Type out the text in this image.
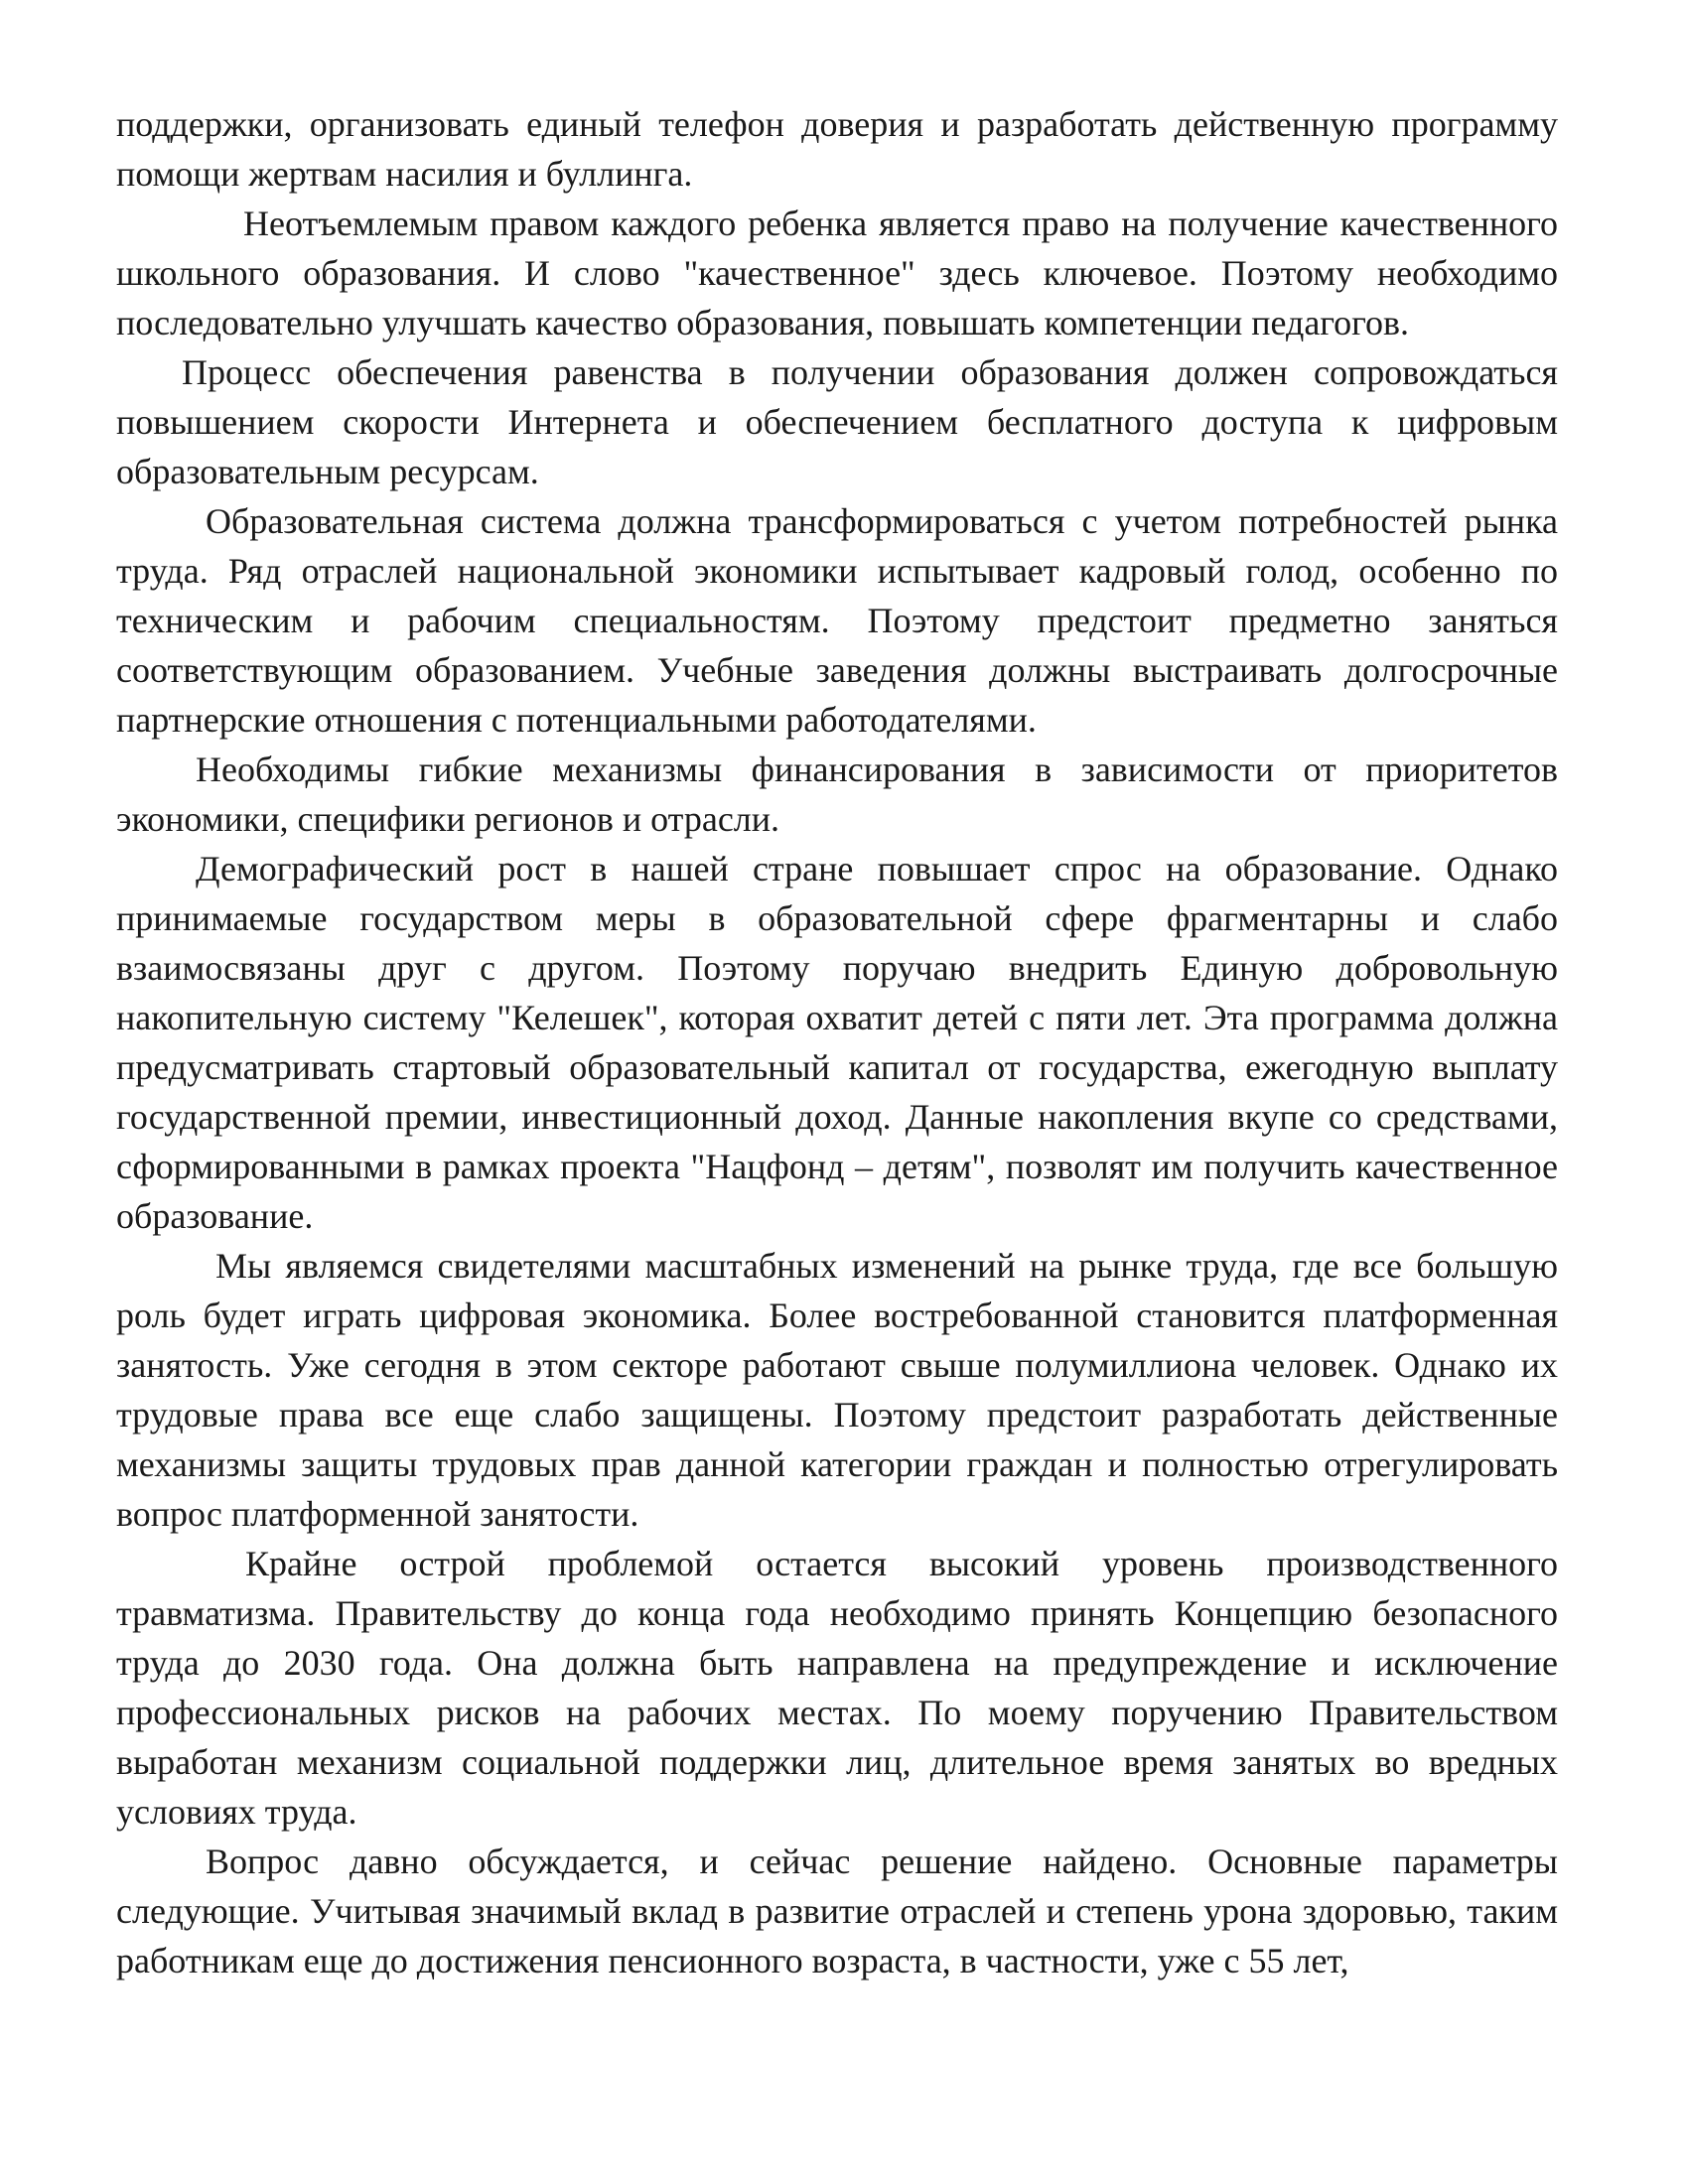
поддержки, организовать единый телефон доверия и разработать действенную программу помощи жертвам насилия и буллинга.

Неотъемлемым правом каждого ребенка является право на получение качественного школьного образования. И слово "качественное" здесь ключевое. Поэтому необходимо последовательно улучшать качество образования, повышать компетенции педагогов.

Процесс обеспечения равенства в получении образования должен сопровождаться повышением скорости Интернета и обеспечением бесплатного доступа к цифровым образовательным ресурсам.

Образовательная система должна трансформироваться с учетом потребностей рынка труда. Ряд отраслей национальной экономики испытывает кадровый голод, особенно по техническим и рабочим специальностям. Поэтому предстоит предметно заняться соответствующим образованием. Учебные заведения должны выстраивать долгосрочные партнерские отношения с потенциальными работодателями.

Необходимы гибкие механизмы финансирования в зависимости от приоритетов экономики, специфики регионов и отрасли.

Демографический рост в нашей стране повышает спрос на образование. Однако принимаемые государством меры в образовательной сфере фрагментарны и слабо взаимосвязаны друг с другом. Поэтому поручаю внедрить Единую добровольную накопительную систему "Келешек", которая охватит детей с пяти лет. Эта программа должна предусматривать стартовый образовательный капитал от государства, ежегодную выплату государственной премии, инвестиционный доход. Данные накопления вкупе со средствами, сформированными в рамках проекта "Нацфонд – детям", позволят им получить качественное образование.

Мы являемся свидетелями масштабных изменений на рынке труда, где все большую роль будет играть цифровая экономика. Более востребованной становится платформенная занятость. Уже сегодня в этом секторе работают свыше полумиллиона человек. Однако их трудовые права все еще слабо защищены. Поэтому предстоит разработать действенные механизмы защиты трудовых прав данной категории граждан и полностью отрегулировать вопрос платформенной занятости.

Крайне острой проблемой остается высокий уровень производственного травматизма. Правительству до конца года необходимо принять Концепцию безопасного труда до 2030 года. Она должна быть направлена на предупреждение и исключение профессиональных рисков на рабочих местах. По моему поручению Правительством выработан механизм социальной поддержки лиц, длительное время занятых во вредных условиях труда.

Вопрос давно обсуждается, и сейчас решение найдено. Основные параметры следующие. Учитывая значимый вклад в развитие отраслей и степень урона здоровью, таким работникам еще до достижения пенсионного возраста, в частности, уже с 55 лет,
